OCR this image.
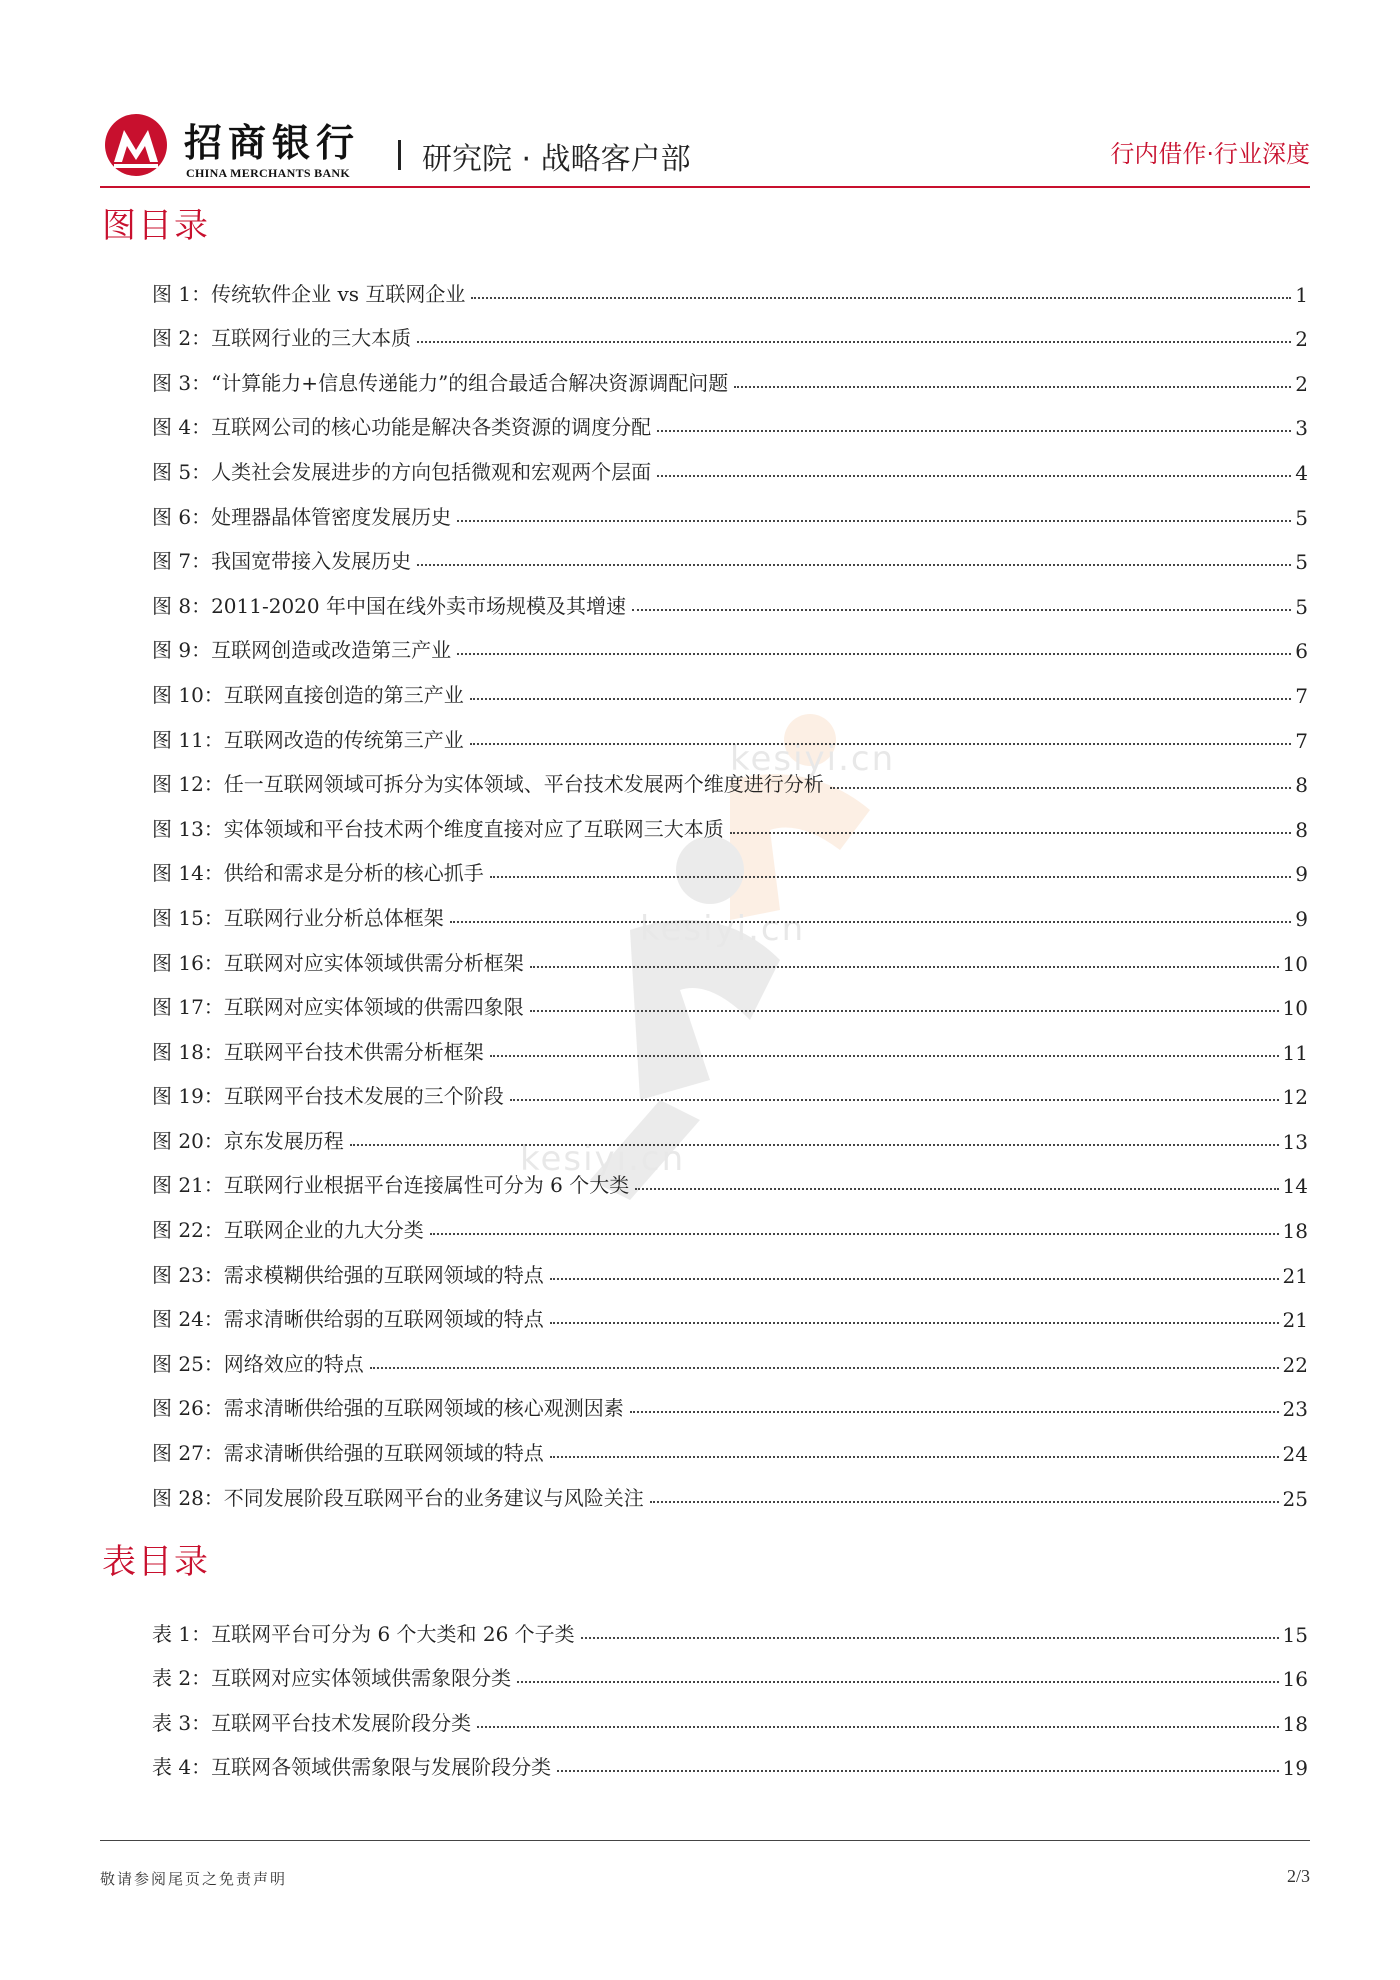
招商银行
CHINA MERCHANTS BANK 研究院 · 战略客户部	行内借作·行业深度
kesiyi.cn
kesiyi.cn
kesiyi.cn
图目录
图 1：传统软件企业 vs 互联网企业	1
图 2：互联网行业的三大本质	2
图 3：“计算能力+信息传递能力”的组合最适合解决资源调配问题	2
图 4：互联网公司的核心功能是解决各类资源的调度分配	3
图 5：人类社会发展进步的方向包括微观和宏观两个层面	4
图 6：处理器晶体管密度发展历史	5
图 7：我国宽带接入发展历史	5
图 8：2011-2020 年中国在线外卖市场规模及其增速	5
图 9：互联网创造或改造第三产业	6
图 10：互联网直接创造的第三产业	7
图 11：互联网改造的传统第三产业	7
图 12：任一互联网领域可拆分为实体领域、平台技术发展两个维度进行分析	8
图 13：实体领域和平台技术两个维度直接对应了互联网三大本质	8
图 14：供给和需求是分析的核心抓手	9
图 15：互联网行业分析总体框架	9
图 16：互联网对应实体领域供需分析框架	10
图 17：互联网对应实体领域的供需四象限	10
图 18：互联网平台技术供需分析框架	11
图 19：互联网平台技术发展的三个阶段	12
图 20：京东发展历程	13
图 21：互联网行业根据平台连接属性可分为 6 个大类	14
图 22：互联网企业的九大分类	18
图 23：需求模糊供给强的互联网领域的特点	21
图 24：需求清晰供给弱的互联网领域的特点	21
图 25：网络效应的特点	22
图 26：需求清晰供给强的互联网领域的核心观测因素	23
图 27：需求清晰供给强的互联网领域的特点	24
图 28：不同发展阶段互联网平台的业务建议与风险关注	25
表目录
表 1：互联网平台可分为 6 个大类和 26 个子类	15
表 2：互联网对应实体领域供需象限分类	16
表 3：互联网平台技术发展阶段分类	18
表 4：互联网各领域供需象限与发展阶段分类	19
敬请参阅尾页之免责声明	2/3
